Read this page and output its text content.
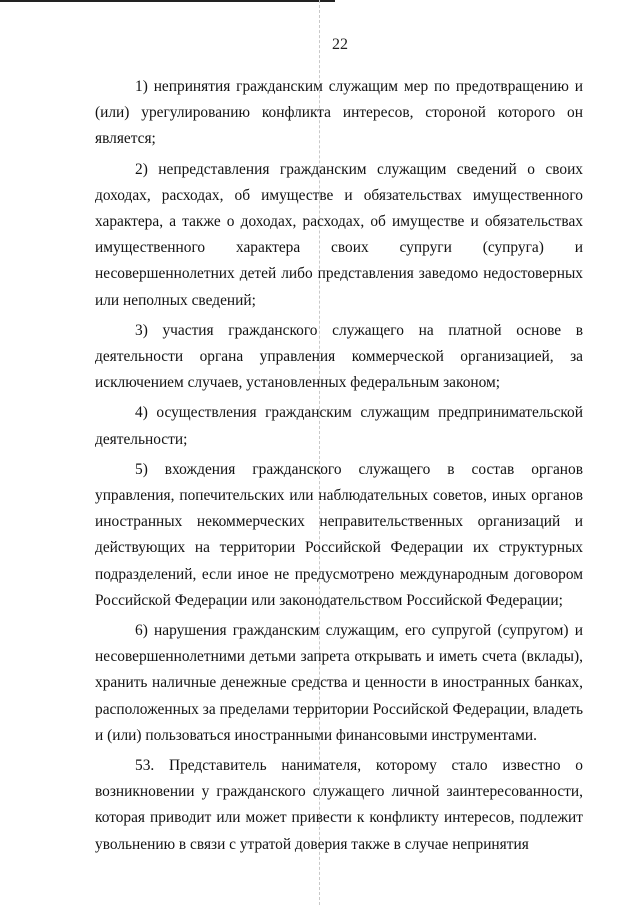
22

1) непринятия гражданским служащим мер по предотвращению и (или) урегулированию конфликта интересов, стороной которого он является;

2) непредставления гражданским служащим сведений о своих доходах, расходах, об имуществе и обязательствах имущественного характера, а также о доходах, расходах, об имуществе и обязательствах имущественного характера своих супруги (супруга) и несовершеннолетних детей либо представления заведомо недостоверных или неполных сведений;

3) участия гражданского служащего на платной основе в деятельности органа управления коммерческой организацией, за исключением случаев, установленных федеральным законом;

4) осуществления гражданским служащим предпринимательской деятельности;

5) вхождения гражданского служащего в состав органов управления, попечительских или наблюдательных советов, иных органов иностранных некоммерческих неправительственных организаций и действующих на территории Российской Федерации их структурных подразделений, если иное не предусмотрено международным договором Российской Федерации или законодательством Российской Федерации;

6) нарушения гражданским служащим, его супругой (супругом) и несовершеннолетними детьми запрета открывать и иметь счета (вклады), хранить наличные денежные средства и ценности в иностранных банках, расположенных за пределами территории Российской Федерации, владеть и (или) пользоваться иностранными финансовыми инструментами.

53. Представитель нанимателя, которому стало известно о возникновении у гражданского служащего личной заинтересованности, которая приводит или может привести к конфликту интересов, подлежит увольнению в связи с утратой доверия также в случае непринятия
